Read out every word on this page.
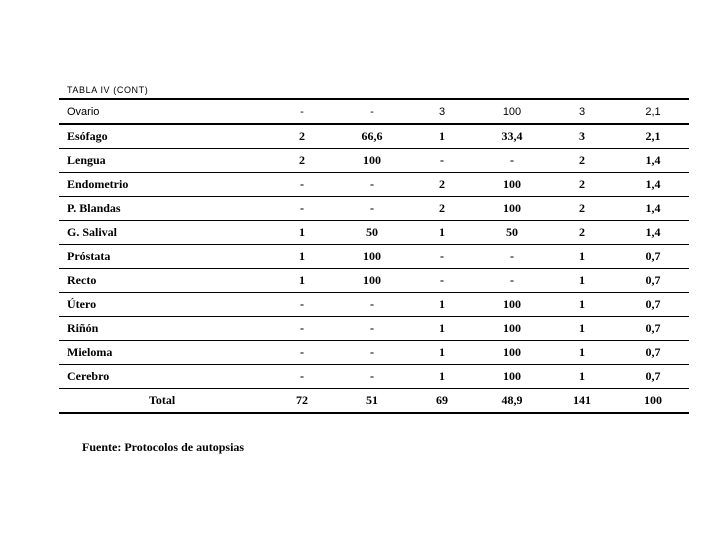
TABLA IV (CONT)
Ovario	-	-	3	100	3	2,1
Esófago	2	66,6	1	33,4	3	2,1
Lengua	2	100	-	-	2	1,4
Endometrio	-	-	2	100	2	1,4
P. Blandas	-	-	2	100	2	1,4
G. Salival	1	50	1	50	2	1,4
Próstata	1	100	-	-	1	0,7
Recto	1	100	-	-	1	0,7
Útero	-	-	1	100	1	0,7
Riñón	-	-	1	100	1	0,7
Mieloma	-	-	1	100	1	0,7
Cerebro	-	-	1	100	1	0,7
Total	72	51	69	48,9	141	100
Fuente: Protocolos de autopsias
